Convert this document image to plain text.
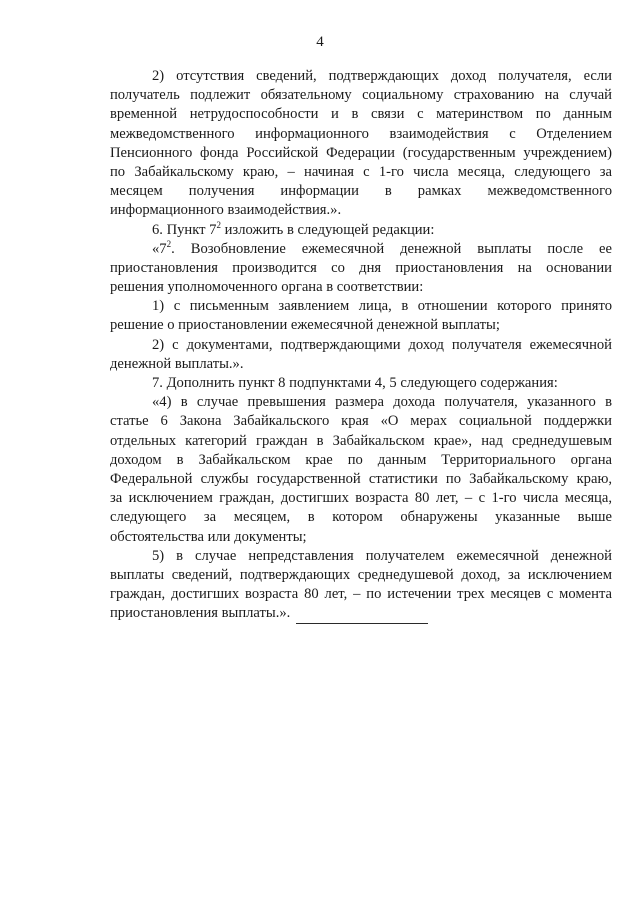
4
2) отсутствия сведений, подтверждающих доход получателя, если
получатель подлежит обязательному социальному страхованию на случай
временной нетрудоспособности и в связи с материнством по данным
межведомственного информационного взаимодействия с Отделением
Пенсионного фонда Российской Федерации (государственным учреждением)
по Забайкальскому краю, – начиная с 1-го числа месяца, следующего за
месяцем получения информации в рамках межведомственного
информационного взаимодействия.».
6. Пункт $7^2$ изложить в следующей редакции:
«$7^2$. Возобновление ежемесячной денежной выплаты после ее
приостановления производится со дня приостановления на основании
решения уполномоченного органа в соответствии:
1) с письменным заявлением лица, в отношении которого принято
решение о приостановлении ежемесячной денежной выплаты;
2) с документами, подтверждающими доход получателя ежемесячной
денежной выплаты.».
7. Дополнить пункт 8 подпунктами 4, 5 следующего содержания:
«4) в случае превышения размера дохода получателя, указанного в
статье 6 Закона Забайкальского края «О мерах социальной поддержки
отдельных категорий граждан в Забайкальском крае», над среднедушевым
доходом в Забайкальском крае по данным Территориального органа
Федеральной службы государственной статистики по Забайкальскому краю,
за исключением граждан, достигших возраста 80 лет, – с 1-го числа месяца,
следующего за месяцем, в котором обнаружены указанные выше
обстоятельства или документы;
5) в случае непредставления получателем ежемесячной денежной
выплаты сведений, подтверждающих среднедушевой доход, за исключением
граждан, достигших возраста 80 лет, – по истечении трех месяцев с момента
приостановления выплаты.».
